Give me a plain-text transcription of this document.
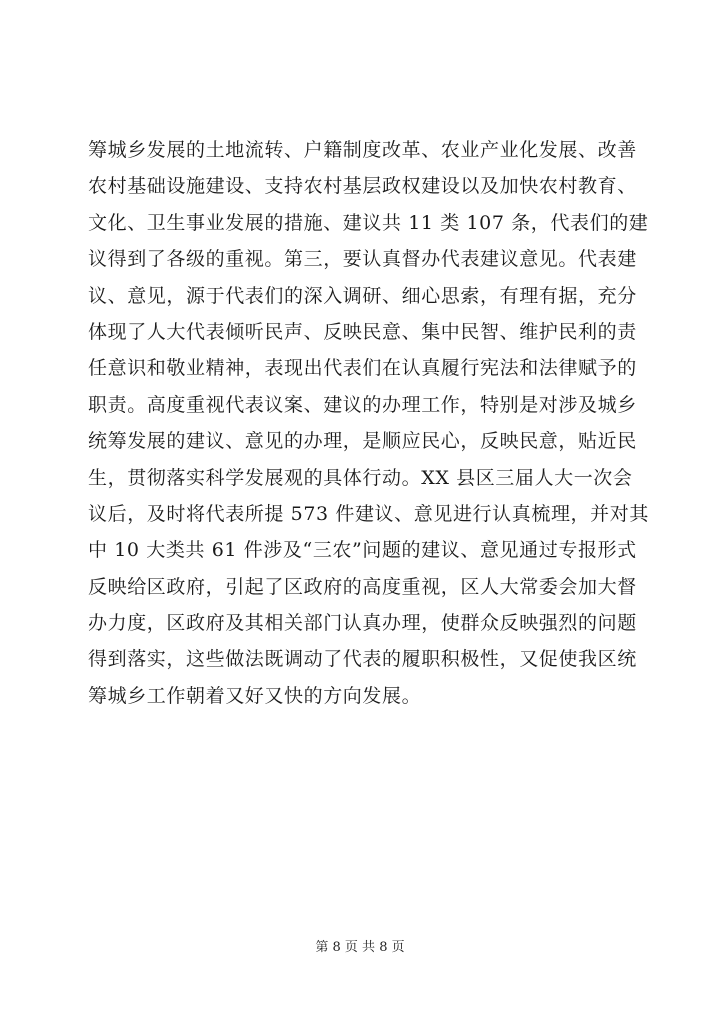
筹城乡发展的土地流转、户籍制度改革、农业产业化发展、改善
农村基础设施建设、支持农村基层政权建设以及加快农村教育、
文化、卫生事业发展的措施、建议共 11 类 107 条，代表们的建
议得到了各级的重视。第三，要认真督办代表建议意见。代表建
议、意见，源于代表们的深入调研、细心思索，有理有据，充分
体现了人大代表倾听民声、反映民意、集中民智、维护民利的责
任意识和敬业精神，表现出代表们在认真履行宪法和法律赋予的
职责。高度重视代表议案、建议的办理工作，特别是对涉及城乡
统筹发展的建议、意见的办理，是顺应民心，反映民意，贴近民
生，贯彻落实科学发展观的具体行动。XX 县区三届人大一次会
议后，及时将代表所提 573 件建议、意见进行认真梳理，并对其
中 10 大类共 61 件涉及“三农”问题的建议、意见通过专报形式
反映给区政府，引起了区政府的高度重视，区人大常委会加大督
办力度，区政府及其相关部门认真办理，使群众反映强烈的问题
得到落实，这些做法既调动了代表的履职积极性，又促使我区统
筹城乡工作朝着又好又快的方向发展。
第 8 页 共 8 页
